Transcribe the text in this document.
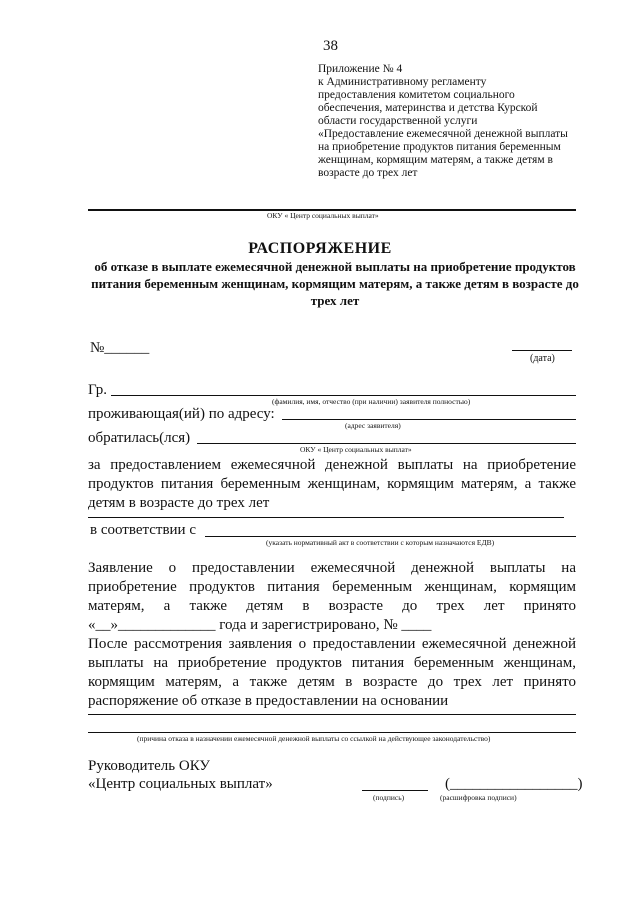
38
Приложение № 4
к Административному регламенту
предоставления комитетом социального
обеспечения, материнства и детства Курской
области государственной услуги
«Предоставление ежемесячной денежной выплаты
на приобретение продуктов питания беременным
женщинам, кормящим матерям, а также детям в
возрасте до трех лет
ОКУ « Центр социальных выплат»
РАСПОРЯЖЕНИЕ
об отказе в выплате ежемесячной денежной выплаты на приобретение продуктов питания беременным женщинам, кормящим матерям, а также детям в возрасте до трех лет
№______
(дата)
Гр.
(фамилия, имя, отчество (при наличии) заявителя полностью)
проживающая(ий) по адресу:
(адрес заявителя)
обратилась(лся)
ОКУ « Центр социальных выплат»
за предоставлением ежемесячной денежной выплаты на приобретение
продуктов питания беременным женщинам, кормящим матерям, а также
детям в возрасте до трех лет
в соответствии с
(указать нормативный акт в соответствии с которым назначаются ЕДВ)
Заявление о предоставлении ежемесячной денежной выплаты на
приобретение продуктов питания беременным женщинам, кормящим
матерям, а также детям в возрасте до трех лет принято
«__»_____________ года и зарегистрировано, № ____
После рассмотрения заявления о предоставлении ежемесячной денежной
выплаты на приобретение продуктов питания беременным женщинам,
кормящим матерям, а также детям в возрасте до трех лет принято
распоряжение об отказе в предоставлении на основании
(причина отказа в назначении ежемесячной денежной выплаты со ссылкой на действующее законодательство)
Руководитель ОКУ
«Центр социальных выплат»
(подпись)
(_________________)
(расшифровка подписи)
